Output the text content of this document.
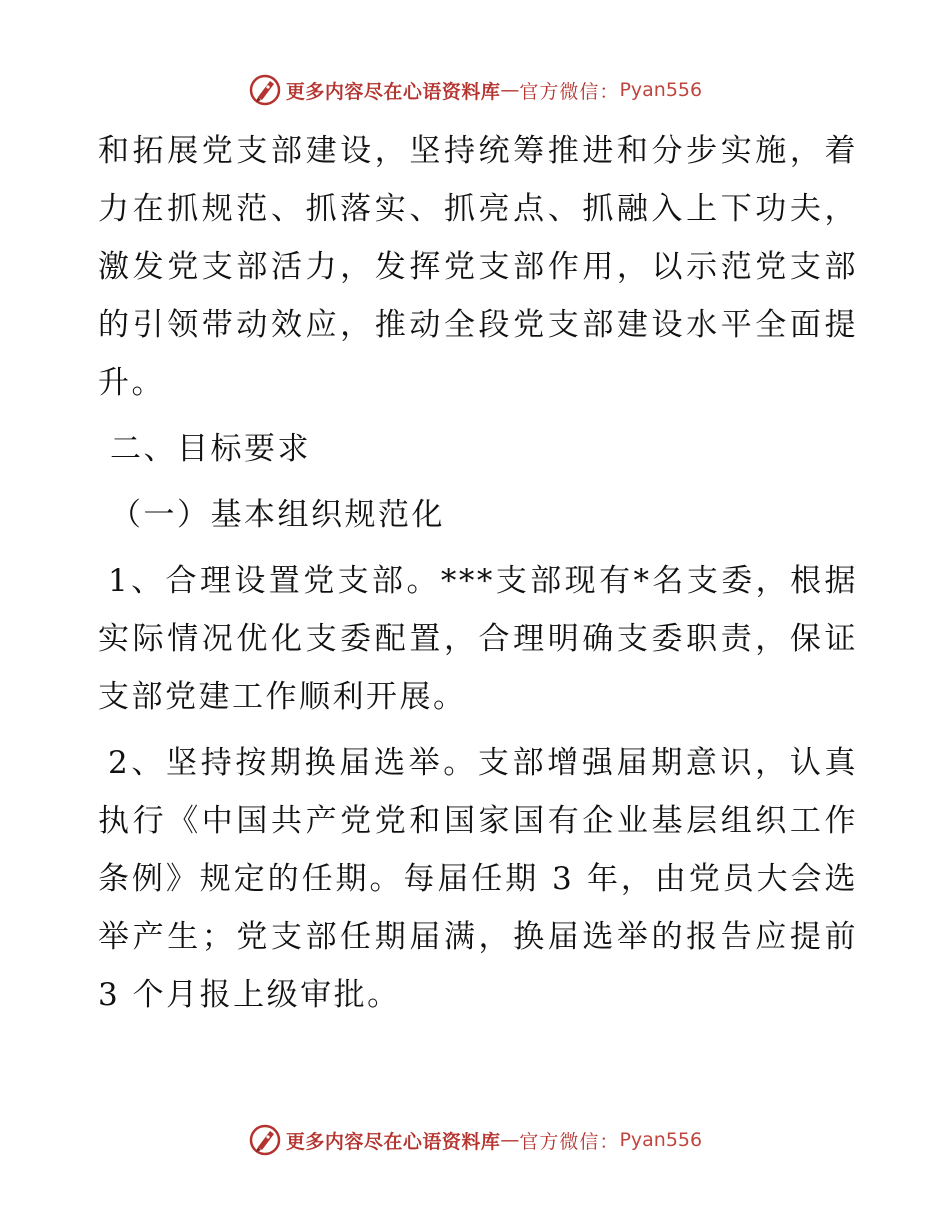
更多内容尽在心语资料库 — 官方微信： Pyan556

和拓展党支部建设，坚持统筹推进和分步实施，着力在抓规范、抓落实、抓亮点、抓融入上下功夫，激发党支部活力，发挥党支部作用，以示范党支部的引领带动效应，推动全段党支部建设水平全面提升。

二、目标要求

（一）基本组织规范化

1、合理设置党支部。***支部现有*名支委，根据实际情况优化支委配置，合理明确支委职责，保证支部党建工作顺利开展。

2、坚持按期换届选举。支部增强届期意识，认真执行《中国共产党党和国家国有企业基层组织工作条例》规定的任期。每届任期 3 年，由党员大会选举产生；党支部任期届满，换届选举的报告应提前 3 个月报上级审批。

更多内容尽在心语资料库 — 官方微信： Pyan556
